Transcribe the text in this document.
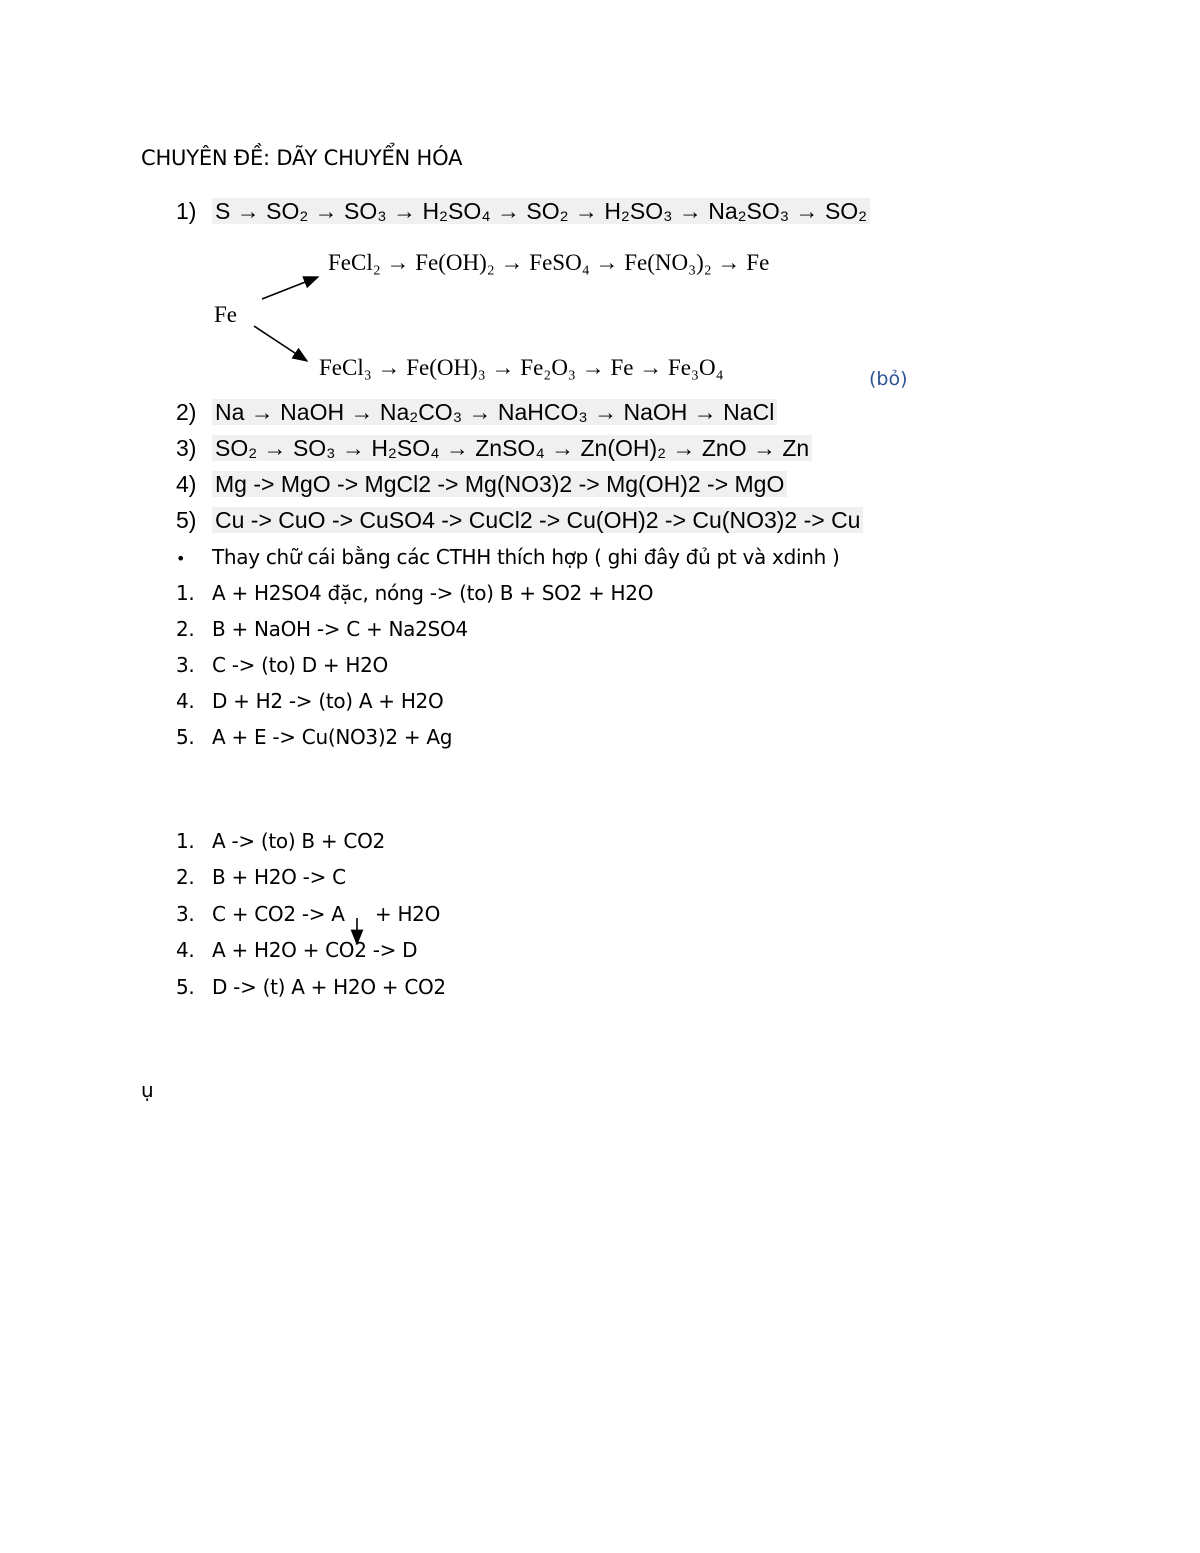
CHUYÊN ĐỀ: DÃY CHUYỂN HÓA
1) S → SO₂ → SO₃ → H₂SO₄ → SO₂ → H₂SO₃ → Na₂SO₃ → SO₂
Fe
FeCl₂ → Fe(OH)₂ → FeSO₄ → Fe(NO₃)₂ → Fe
FeCl₃ → Fe(OH)₃ → Fe₂O₃ → Fe → Fe₃O₄	(bỏ)
2) Na → NaOH → Na₂CO₃ → NaHCO₃ → NaOH → NaCl
3) SO₂ → SO₃ → H₂SO₄ → ZnSO₄ → Zn(OH)₂ → ZnO → Zn
4) Mg -> MgO -> MgCl2 -> Mg(NO3)2 -> Mg(OH)2 -> MgO
5) Cu -> CuO -> CuSO4 -> CuCl2 -> Cu(OH)2 -> Cu(NO3)2 -> Cu
• Thay chữ cái bằng các CTHH thích hợp ( ghi đây đủ pt và xdinh )
1. A + H2SO4 đặc, nóng -> (to) B + SO2 + H2O
2. B + NaOH -> C + Na2SO4
3. C -> (to) D + H2O
4. D + H2 -> (to) A + H2O
5. A + E -> Cu(NO3)2 + Ag
1. A -> (to) B + CO2
2. B + H2O -> C
3. C + CO2 -> A     + H2O
4. A + H2O + CO2 -> D
5. D -> (t) A + H2O + CO2
ụ
